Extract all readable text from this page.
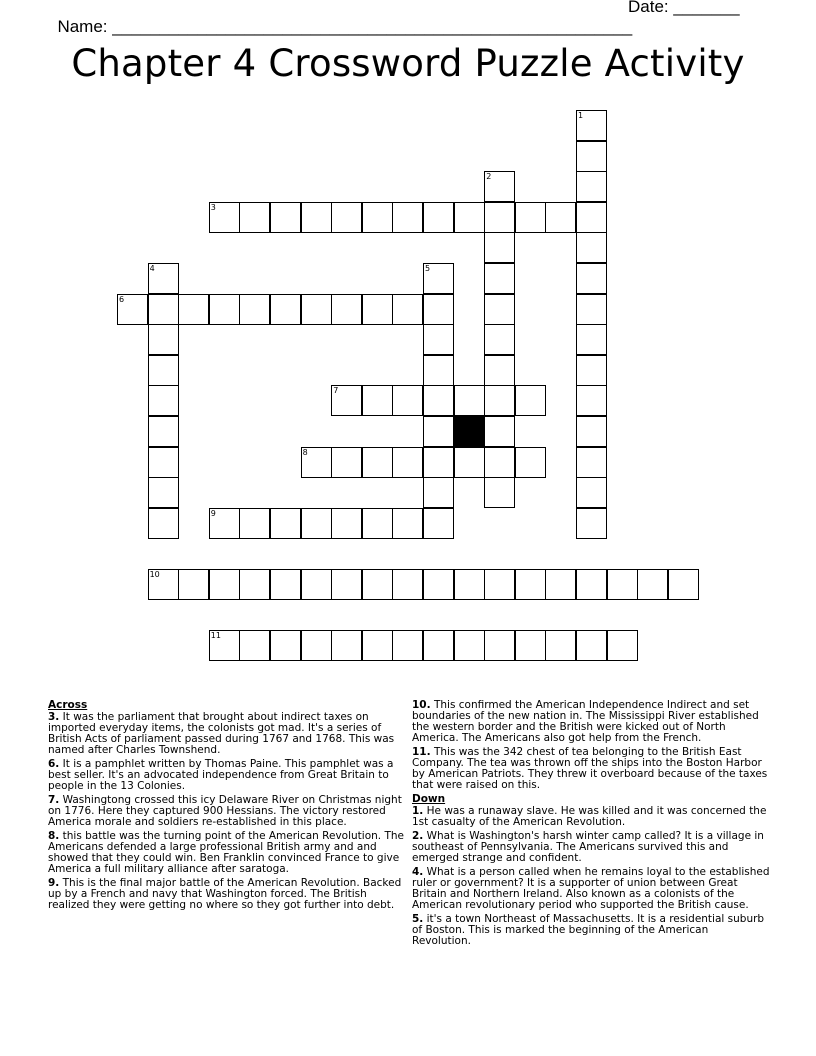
Name: _______________________________________________________

Date: _______

Chapter 4 Crossword Puzzle Activity
1
2
3
4	5
6
7
8
9
10
11
Across
3. It was the parliament that brought about indirect taxes on imported everyday items, the colonists got mad. It's a series of British Acts of parliament passed during 1767 and 1768. This was named after Charles Townshend.
6. It is a pamphlet written by Thomas Paine. This pamphlet was a best seller. It's an advocated independence from Great Britain to people in the 13 Colonies.
7. Washingtong crossed this icy Delaware River on Christmas night on 1776. Here they captured 900 Hessians. The victory restored America morale and soldiers re-established in this place.
8. this battle was the turning point of the American Revolution. The Americans defended a large professional British army and and showed that they could win. Ben Franklin convinced France to give America a full military alliance after saratoga.
9. This is the final major battle of the American Revolution. Backed up by a French and navy that Washington forced. The British realized they were getting no where so they got further into debt.
10. This confirmed the American Independence Indirect and set boundaries of the new nation in. The Mississippi River established the western border and the British were kicked out of North America. The Americans also got help from the French.
11. This was the 342 chest of tea belonging to the British East Company. The tea was thrown off the ships into the Boston Harbor by American Patriots. They threw it overboard because of the taxes that were raised on this.
Down
1. He was a runaway slave. He was killed and it was concerned the 1st casualty of the American Revolution.
2. What is Washington's harsh winter camp called? It is a village in southeast of Pennsylvania. The Americans survived this and emerged strange and confident.
4. What is a person called when he remains loyal to the established ruler or government? It is a supporter of union between Great Britain and Northern Ireland. Also known as a colonists of the American revolutionary period who supported the British cause.
5. it's a town Northeast of Massachusetts. It is a residential suburb of Boston. This is marked the beginning of the American Revolution.
